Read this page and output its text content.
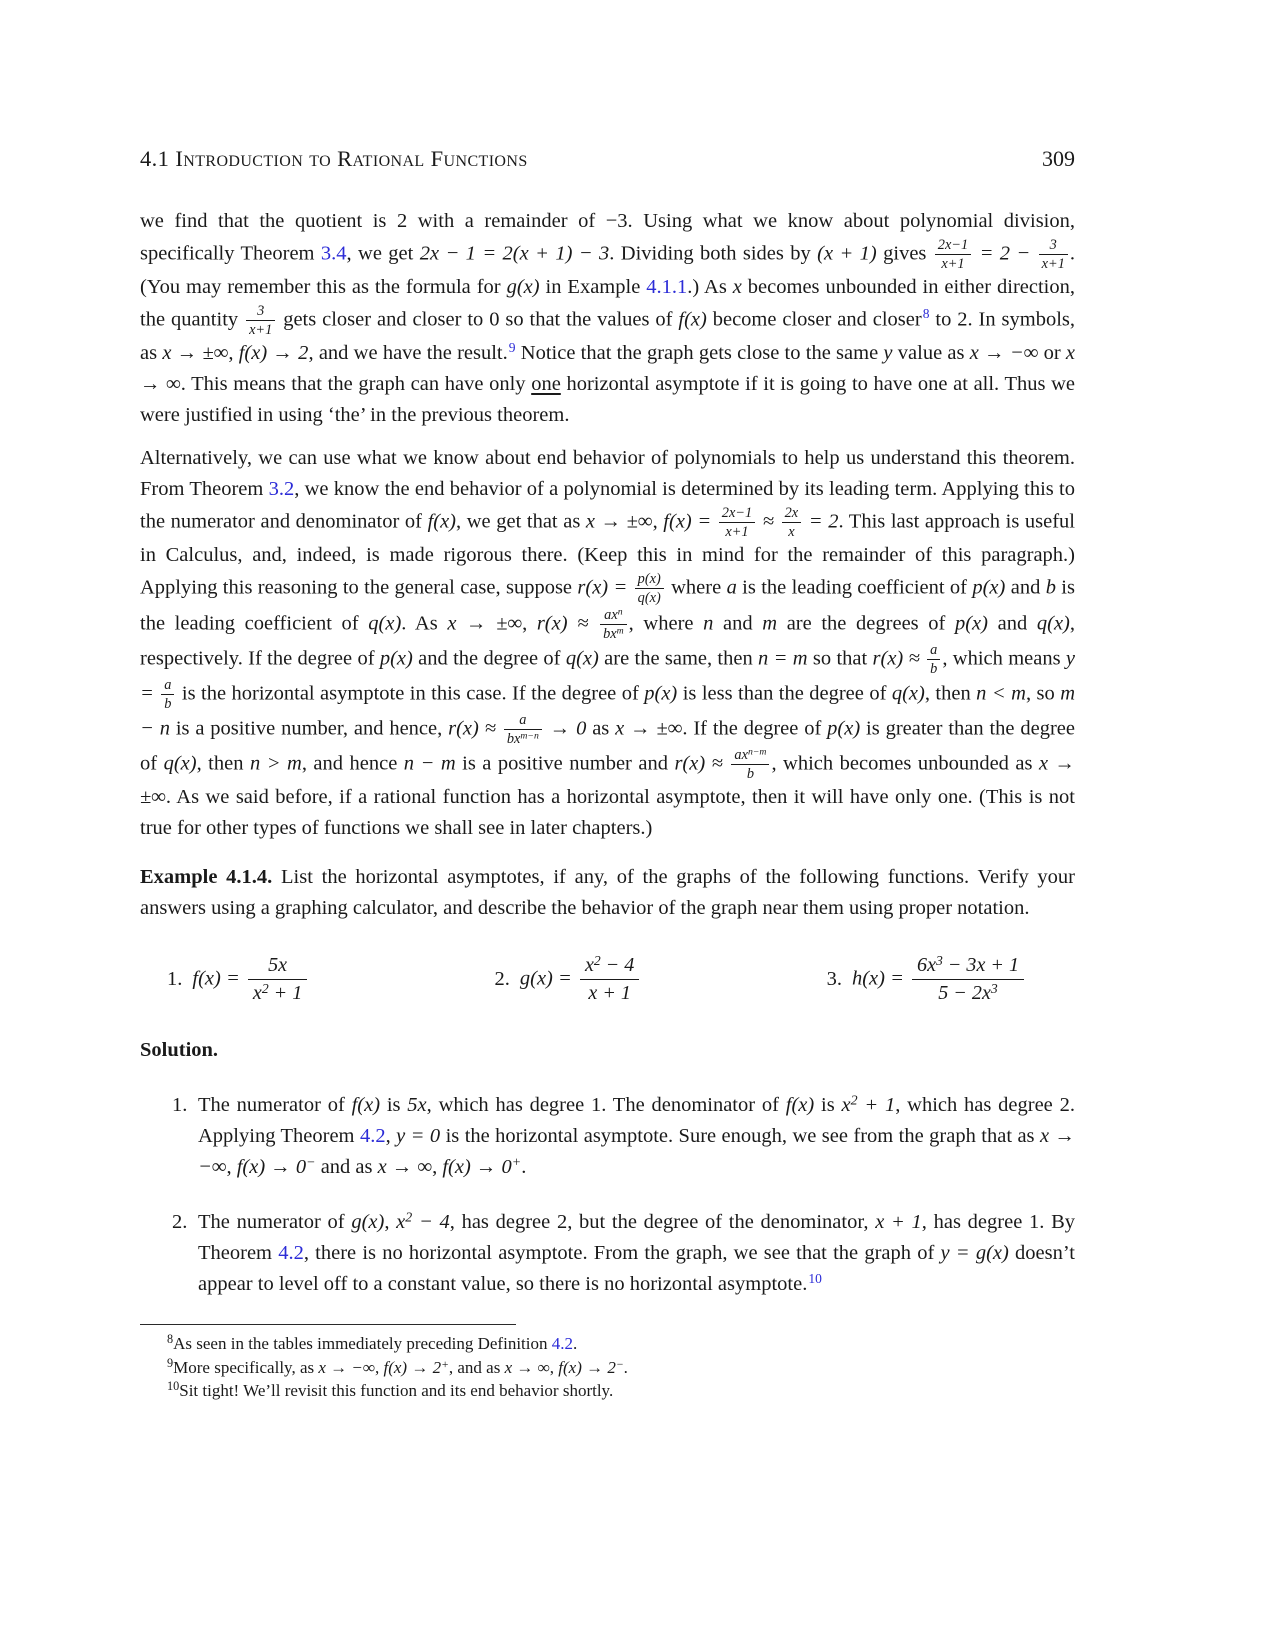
4.1 Introduction to Rational Functions	309

we find that the quotient is 2 with a remainder of −3. Using what we know about polynomial division, specifically Theorem 3.4, we get 2x − 1 = 2(x + 1) − 3. Dividing both sides by (x + 1) gives $\frac{2x-1}{x+1} = 2 - \frac{3}{x+1}$ . (You may remember this as the formula for g(x) in Example 4.1.1.) As x becomes unbounded in either direction, the quantity $\frac{3}{x+1}$ gets closer and closer to 0 so that the values of f(x) become closer and closer$^8$ to 2. In symbols, as x → ±∞, f(x) → 2, and we have the result.$^9$ Notice that the graph gets close to the same y value as x → −∞ or x → ∞. This means that the graph can have only one horizontal asymptote if it is going to have one at all. Thus we were justified in using ‘the’ in the previous theorem.

Alternatively, we can use what we know about end behavior of polynomials to help us understand this theorem. From Theorem 3.2, we know the end behavior of a polynomial is determined by its leading term. Applying this to the numerator and denominator of f(x), we get that as x → ±∞, $f(x) = \frac{2x-1}{x+1} \approx \frac{2x}{x} = 2$. This last approach is useful in Calculus, and, indeed, is made rigorous there. (Keep this in mind for the remainder of this paragraph.) Applying this reasoning to the general case, suppose $r(x) = \frac{p(x)}{q(x)}$ where a is the leading coefficient of p(x) and b is the leading coefficient of q(x). As x → ±∞, $r(x) \approx \frac{ax^n}{bx^m}$ , where n and m are the degrees of p(x) and q(x), respectively. If the degree of p(x) and the degree of q(x) are the same, then n = m so that $r(x) \approx \frac{a}{b}$ , which means $y = \frac{a}{b}$ is the horizontal asymptote in this case. If the degree of p(x) is less than the degree of q(x), then n < m, so m − n is a positive number, and hence, $r(x) \approx \frac{a}{bx^{m-n}} \to 0$ as x → ±∞. If the degree of p(x) is greater than the degree of q(x), then n > m, and hence n − m is a positive number and $r(x) \approx \frac{ax^{n-m}}{b}$ , which becomes unbounded as x → ±∞. As we said before, if a rational function has a horizontal asymptote, then it will have only one. (This is not true for other types of functions we shall see in later chapters.)

Example 4.1.4. List the horizontal asymptotes, if any, of the graphs of the following functions. Verify your answers using a graphing calculator, and describe the behavior of the graph near them using proper notation.

1. $f(x) = \frac{5x}{x^2 + 1}$	2. $g(x) = \frac{x^2 - 4}{x + 1}$	3. $h(x) = \frac{6x^3 - 3x + 1}{5 - 2x^3}$

Solution.

1. The numerator of f(x) is 5x, which has degree 1. The denominator of f(x) is $x^2 + 1$, which has degree 2. Applying Theorem 4.2, y = 0 is the horizontal asymptote. Sure enough, we see from the graph that as x → −∞, f(x) → 0− and as x → ∞, f(x) → 0+.
2. The numerator of g(x), $x^2 - 4$, has degree 2, but the degree of the denominator, x + 1, has degree 1. By Theorem 4.2, there is no horizontal asymptote. From the graph, we see that the graph of y = g(x) doesn’t appear to level off to a constant value, so there is no horizontal asymptote.$^{10}$
$^8$As seen in the tables immediately preceding Definition 4.2.
$^9$More specifically, as x → −∞, f(x) → 2+, and as x → ∞, f(x) → 2−.
$^{10}$Sit tight! We’ll revisit this function and its end behavior shortly.
